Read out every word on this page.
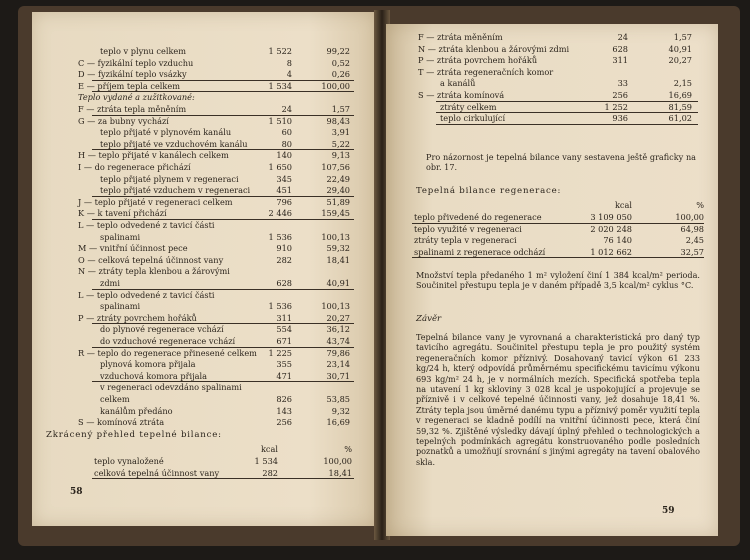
teplo v plynu celkem	1 522	99,22
C — fyzikální teplo vzduchu	8	0,52
D — fyzikální teplo vsázky	4	0,26
E — příjem tepla celkem	1 534	100,00
Teplo vydané a zužitkované:
F — ztráta tepla měněním	24	1,57
G — za bubny vychází	1 510	98,43
teplo přijaté v plynovém kanálu	60	3,91
teplo přijaté ve vzduchovém kanálu	80	5,22
H — teplo přijaté v kanálech celkem	140	9,13
I — do regenerace přichází	1 650	107,56
teplo přijaté plynem v regeneraci	345	22,49
teplo přijaté vzduchem v regeneraci	451	29,40
J — teplo přijaté v regeneraci celkem	796	51,89
K — k tavení přichází	2 446	159,45
L — teplo odvedené z tavicí části
spalinami	1 536	100,13
M — vnitřní účinnost pece	910	59,32
O — celková tepelná účinnost vany	282	18,41
N — ztráty tepla klenbou a žárovými
zdmi	628	40,91
L — teplo odvedené z tavicí části
spalinami	1 536	100,13
P — ztráty povrchem hořáků	311	20,27
do plynové regenerace vchází	554	36,12
do vzduchové regenerace vchází	671	43,74
R — teplo do regenerace přinesené celkem	1 225	79,86
plynová komora přijala	355	23,14
vzduchová komora přijala	471	30,71
v regeneraci odevzdáno spalinami
celkem	826	53,85
kanálům předáno	143	9,32
S — komínová ztráta	256	16,69
Zkrácený přehled tepelné bilance:
kcal	%
teplo vynaložené	1 534	100,00
celková tepelná účinnost vany	282	18,41
58
F — ztráta měněním	24	1,57
N — ztráta klenbou a žárovými zdmi	628	40,91
P — ztráta povrchem hořáků	311	20,27
T — ztráta regeneračních komor
a kanálů	33	2,15
S — ztráta komínová	256	16,69
ztráty celkem	1 252	81,59
teplo cirkulující	936	61,02

Pro názornost je tepelná bilance vany sestavena ještě graficky na obr. 17.

Tepelná bilance regenerace:
kcal	%
teplo přivedené do regenerace	3 109 050	100,00
teplo využité v regeneraci	2 020 248	64,98
ztráty tepla v regeneraci	76 140	2,45
spalinami z regenerace odchází	1 012 662	32,57

Množství tepla předaného 1 m² vyložení činí 1 384 kcal/m² perioda. Součinitel přestupu tepla je v daném případě 3,5 kcal/m² cyklus °C.

Závěr

Tepelná bilance vany je vyrovnaná a charakteristická pro daný typ tavicího agregátu. Součinitel přestupu tepla je pro použitý systém regeneračních komor příznivý. Dosahovaný tavicí výkon 61 233 kg/24 h, který odpovídá průměrnému specifickému tavicímu výkonu 693 kg/m² 24 h, je v normálních mezích. Specifická spotřeba tepla na utavení 1 kg skloviny 3 028 kcal je uspokojující a projevuje se příznivě i v celkové tepelné účinnosti vany, jež dosahuje 18,41 %. Ztráty tepla jsou úměrné danému typu a příznivý poměr využití tepla v regeneraci se kladně podílí na vnitřní účinnosti pece, která činí 59,32 %. Zjištěné výsledky dávají úplný přehled o technologických a tepelných podmínkách agregátu konstruovaného podle posledních poznatků a umožňují srovnání s jinými agregáty na tavení obalového skla.

59
